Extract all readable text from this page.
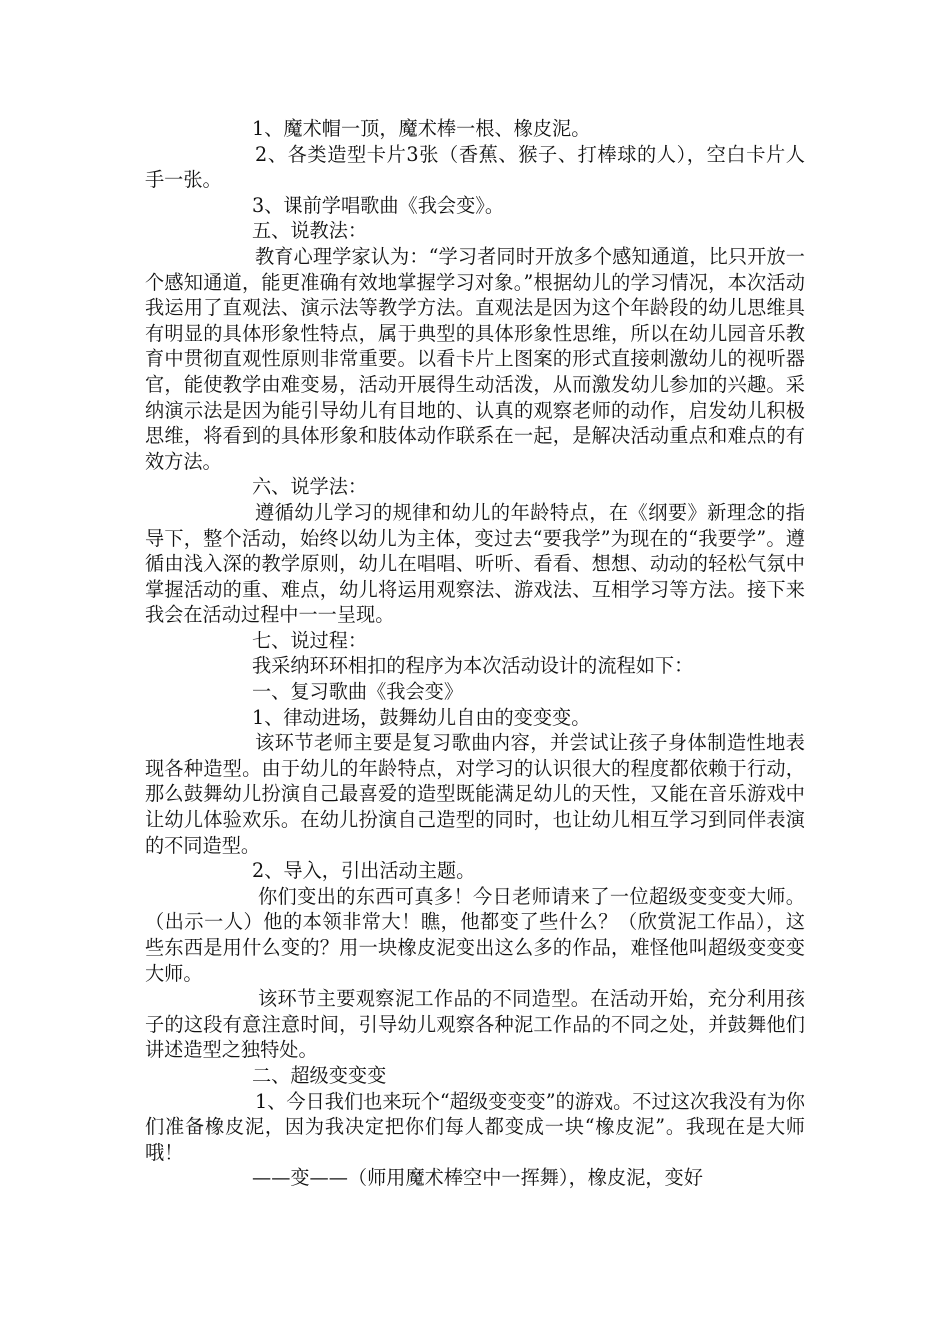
1、魔术帽一顶，魔术棒一根、橡皮泥。

2、各类造型卡片3张（香蕉、猴子、打棒球的人），空白卡片人手一张。

3、课前学唱歌曲《我会变》。

五、说教法：

教育心理学家认为：“学习者同时开放多个感知通道，比只开放一个感知通道，能更准确有效地掌握学习对象。”根据幼儿的学习情况，本次活动我运用了直观法、演示法等教学方法。直观法是因为这个年龄段的幼儿思维具有明显的具体形象性特点，属于典型的具体形象性思维，所以在幼儿园音乐教育中贯彻直观性原则非常重要。以看卡片上图案的形式直接刺激幼儿的视听器官，能使教学由难变易，活动开展得生动活泼，从而激发幼儿参加的兴趣。采纳演示法是因为能引导幼儿有目地的、认真的观察老师的动作，启发幼儿积极思维，将看到的具体形象和肢体动作联系在一起，是解决活动重点和难点的有效方法。

六、说学法：

遵循幼儿学习的规律和幼儿的年龄特点，在《纲要》新理念的指导下，整个活动，始终以幼儿为主体，变过去“要我学”为现在的“我要学”。遵循由浅入深的教学原则，幼儿在唱唱、听听、看看、想想、动动的轻松气氛中掌握活动的重、难点，幼儿将运用观察法、游戏法、互相学习等方法。接下来我会在活动过程中一一呈现。

七、说过程：

我采纳环环相扣的程序为本次活动设计的流程如下：

一、复习歌曲《我会变》

1、律动进场，鼓舞幼儿自由的变变变。

该环节老师主要是复习歌曲内容，并尝试让孩子身体制造性地表现各种造型。由于幼儿的年龄特点，对学习的认识很大的程度都依赖于行动，那么鼓舞幼儿扮演自己最喜爱的造型既能满足幼儿的天性，又能在音乐游戏中让幼儿体验欢乐。在幼儿扮演自己造型的同时，也让幼儿相互学习到同伴表演的不同造型。

2、导入，引出活动主题。

你们变出的东西可真多！今日老师请来了一位超级变变变大师。（出示一人）他的本领非常大！瞧，他都变了些什么？（欣赏泥工作品），这些东西是用什么变的？用一块橡皮泥变出这么多的作品，难怪他叫超级变变变大师。

该环节主要观察泥工作品的不同造型。在活动开始，充分利用孩子的这段有意注意时间，引导幼儿观察各种泥工作品的不同之处，并鼓舞他们讲述造型之独特处。

二、超级变变变

1、今日我们也来玩个“超级变变变”的游戏。不过这次我没有为你们准备橡皮泥，因为我决定把你们每人都变成一块“橡皮泥”。我现在是大师哦！

——变——（师用魔术棒空中一挥舞），橡皮泥，变好
